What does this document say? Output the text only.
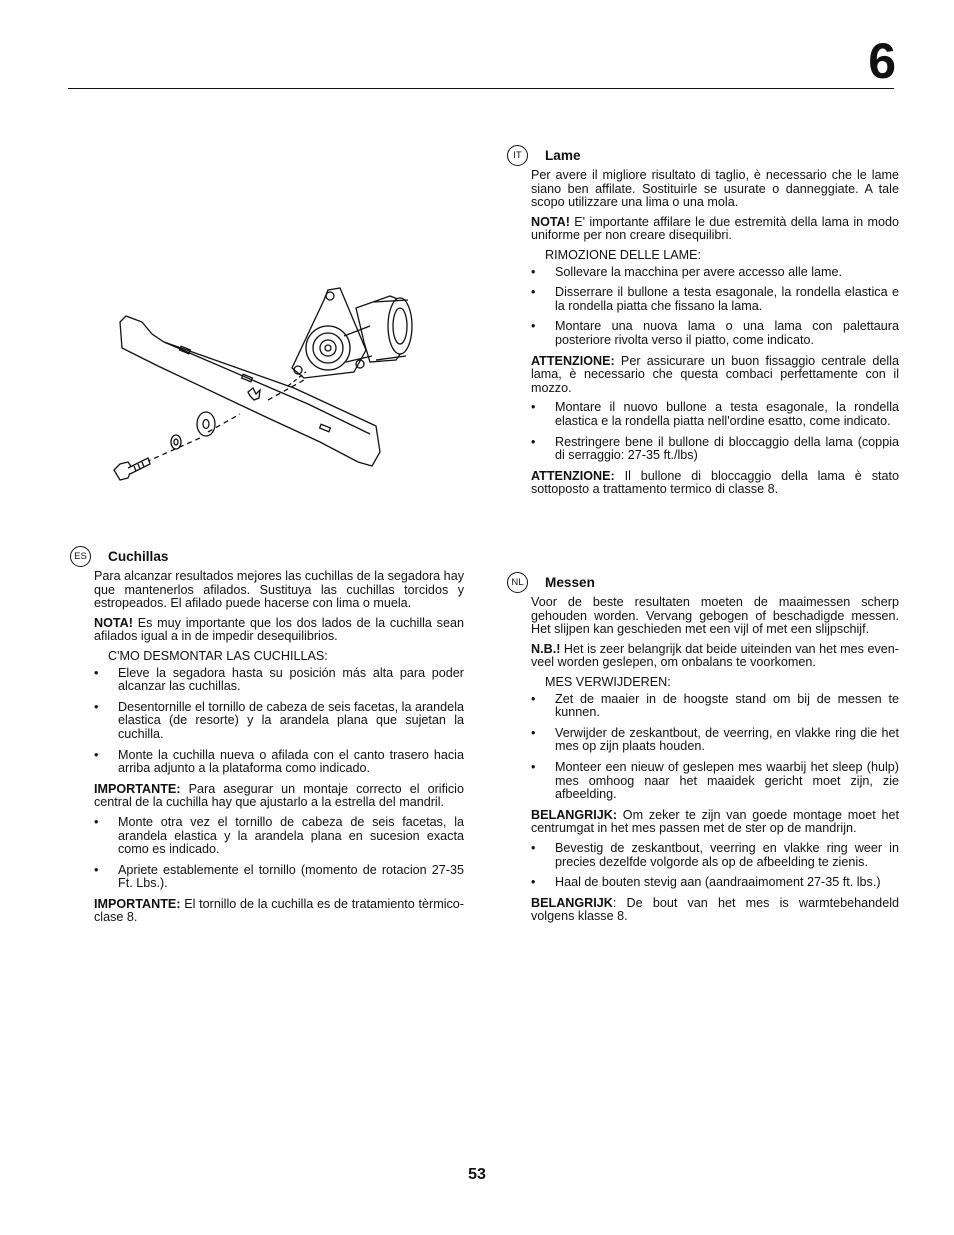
6
ES	Cuchillas

Para alcanzar resultados mejores las cuchillas de la segadora hay que mantenerlos afilados. Sustituya las cuchillas torcidos y estropeados. El afilado puede hacerse con lima o muela.

NOTA! Es muy importante que los dos lados de la cuchilla sean afilados igual a in de impedir desequilibrios.

C'MO DESMONTAR LAS CUCHILLAS:
• Eleve la segadora hasta su posición más alta para poder alcanzar las cuchillas.
• Desentornille el tornillo de cabeza de seis facetas, la arandela elastica (de resorte) y la arandela plana que sujetan la cuchilla.
• Monte la cuchilla nueva o afilada con el canto trasero hacia arriba adjunto a la plataforma como indicado.

IMPORTANTE: Para asegurar un montaje correcto el orificio central de la cuchilla hay que ajustarlo a la estrella del mandril.

• Monte otra vez el tornillo de cabeza de seis facetas, la arandela elastica y la arandela plana en sucesion exacta como es indicado.
• Apriete establemente el tornillo (momento de rotacion 27-35 Ft. Lbs.).

IMPORTANTE: El tornillo de la cuchilla es de tratamiento tèrmico-clase 8.

IT	Lame

Per avere il migliore risultato di taglio, è necessario che le lame siano ben affilate. Sostituirle se usurate o danneggiate. A tale scopo utilizzare una lima o una mola.

NOTA! E' importante affilare le due estremità della lama in modo uniforme per non creare disequilibri.

RIMOZIONE DELLE LAME:
• Sollevare la macchina per avere accesso alle lame.
• Disserrare il bullone a testa esagonale, la rondella elastica e la rondella piatta che fissano la lama.
• Montare una nuova lama o una lama con palettaura posteriore rivolta verso il piatto, come indicato.

ATTENZIONE: Per assicurare un buon fissaggio centrale della lama, è necessario che questa combaci perfettamente con il mozzo.

• Montare il nuovo bullone a testa esagonale, la rondella elastica e la rondella piatta nell'ordine esatto, come indicato.
• Restringere bene il bullone di bloccaggio della lama (coppia di serraggio: 27-35 ft./lbs)

ATTENZIONE: Il bullone di bloccaggio della lama è stato sottoposto a trattamento termico di classe 8.

NL	Messen

Voor de beste resultaten moeten de maaimessen scherp gehouden worden. Vervang gebogen of beschadigde messen. Het slijpen kan geschieden met een vijl of met een slijpschijf.

N.B.! Het is zeer belangrijk dat beide uiteinden van het mes even-veel worden geslepen, om onbalans te voorkomen.

MES VERWIJDEREN:
• Zet de maaier in de hoogste stand om bij de messen te kunnen.
• Verwijder de zeskantbout, de veerring, en vlakke ring die het mes op zijn plaats houden.
• Monteer een nieuw of geslepen mes waarbij het sleep (hulp) mes omhoog naar het maaidek gericht moet zijn, zie afbeelding.

BELANGRIJK: Om zeker te zijn van goede montage moet het centrumgat in het mes passen met de ster op de mandrijn.

• Bevestig de zeskantbout, veerring en vlakke ring weer in precies dezelfde volgorde als op de afbeelding te zienis.
• Haal de bouten stevig aan (aandraaimoment 27-35 ft. lbs.)

BELANGRIJK: De bout van het mes is warmtebehandeld volgens klasse 8.

53
